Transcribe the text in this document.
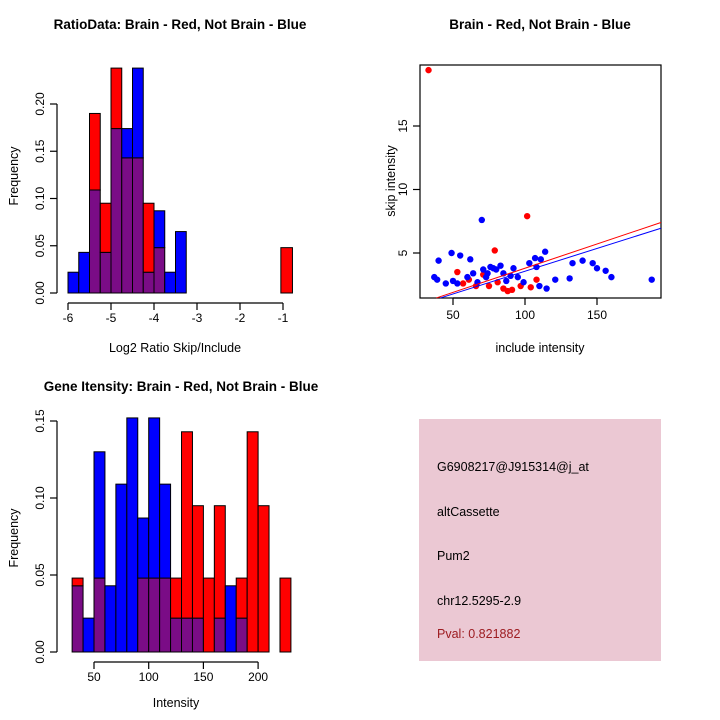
-6	-5	-4	-3	-2	-1
0.00
0.05
0.10
0.15
0.20
RatioData: Brain - Red, Not Brain - Blue
Log2 Ratio Skip/Include
Frequency
50	100	150
5
10
15
Brain - Red, Not Brain - Blue
include intensity
skip intensity
50	100	150	200
0.00
0.05
0.10
0.15
Gene Itensity: Brain - Red, Not Brain - Blue
Intensity
Frequency
G6908217@J915314@j_at
altCassette
Pum2
chr12.5295-2.9
Pval: 0.821882
